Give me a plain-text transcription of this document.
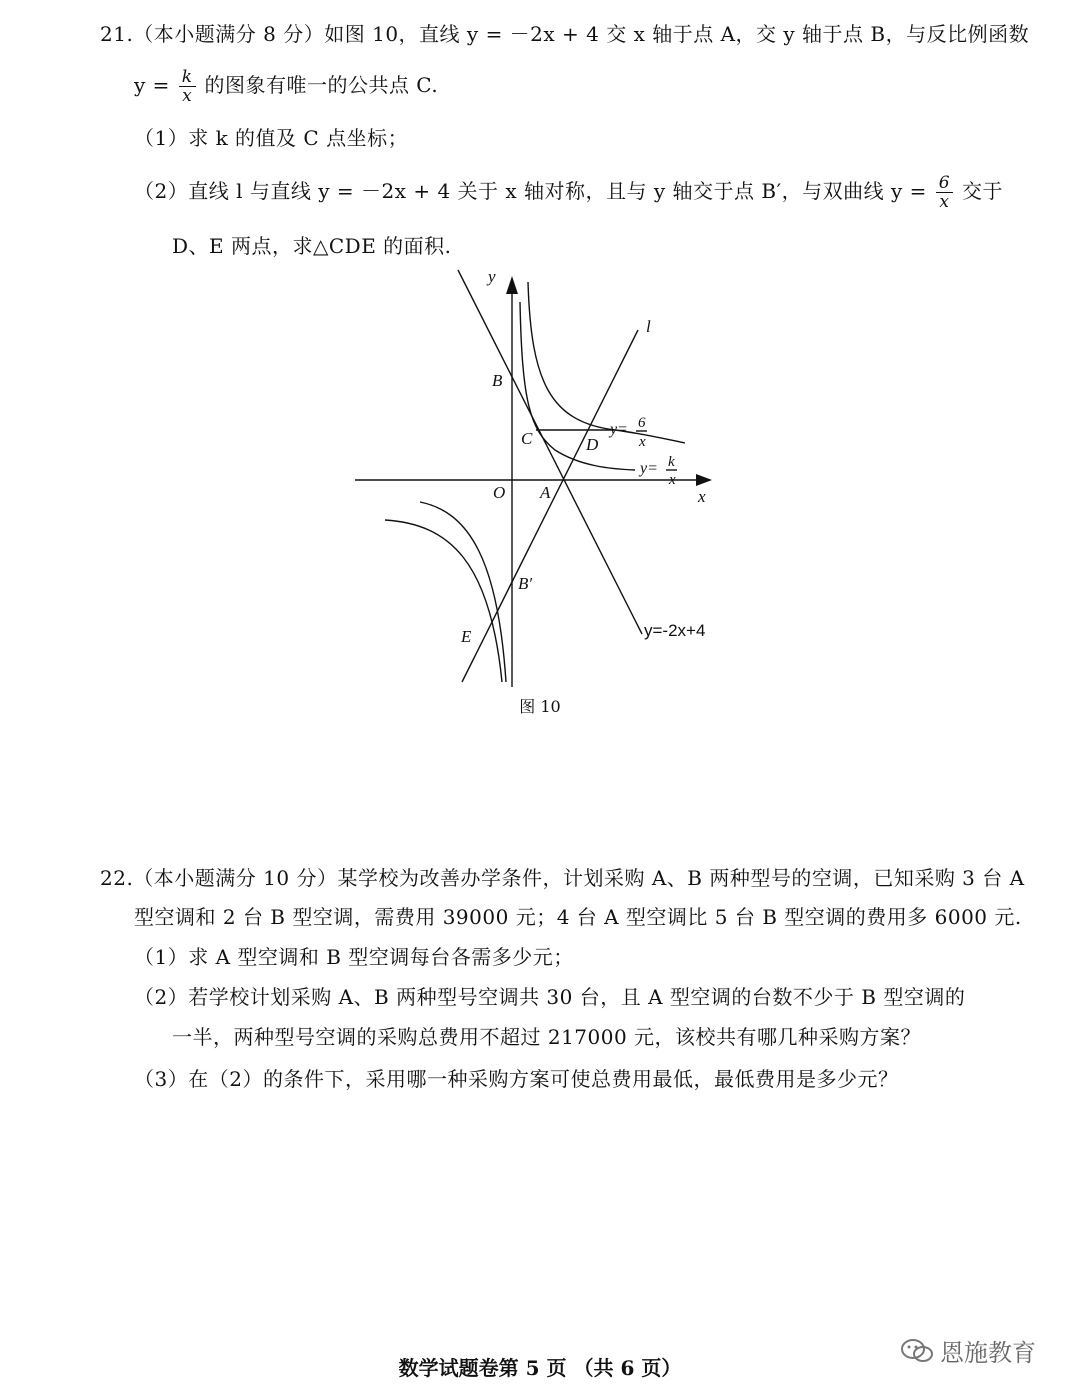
21.（本小题满分 8 分）如图 10，直线 y = －2x + 4 交 x 轴于点 A，交 y 轴于点 B，与反比例函数
$y = \frac{k}{x}$ 的图象有唯一的公共点 C.
（1）求 k 的值及 C 点坐标；
（2）直线 l 与直线 y = －2x + 4 关于 x 轴对称，且与 y 轴交于点 B′，与双曲线 $y = \frac{6}{x}$ 交于
D、E 两点，求△CDE 的面积.
y
x
O A
B
C	D
E
B′
l
y= 6
x
y= k
x
y=-2x+4
图 10
22.（本小题满分 10 分）某学校为改善办学条件，计划采购 A、B 两种型号的空调，已知采购 3 台 A
型空调和 2 台 B 型空调，需费用 39000 元；4 台 A 型空调比 5 台 B 型空调的费用多 6000 元.
（1）求 A 型空调和 B 型空调每台各需多少元；
（2）若学校计划采购 A、B 两种型号空调共 30 台，且 A 型空调的台数不少于 B 型空调的
一半，两种型号空调的采购总费用不超过 217000 元，该校共有哪几种采购方案？
（3）在（2）的条件下，采用哪一种采购方案可使总费用最低，最低费用是多少元？
数学试题卷第 5 页 （共 6 页）
恩施教育
